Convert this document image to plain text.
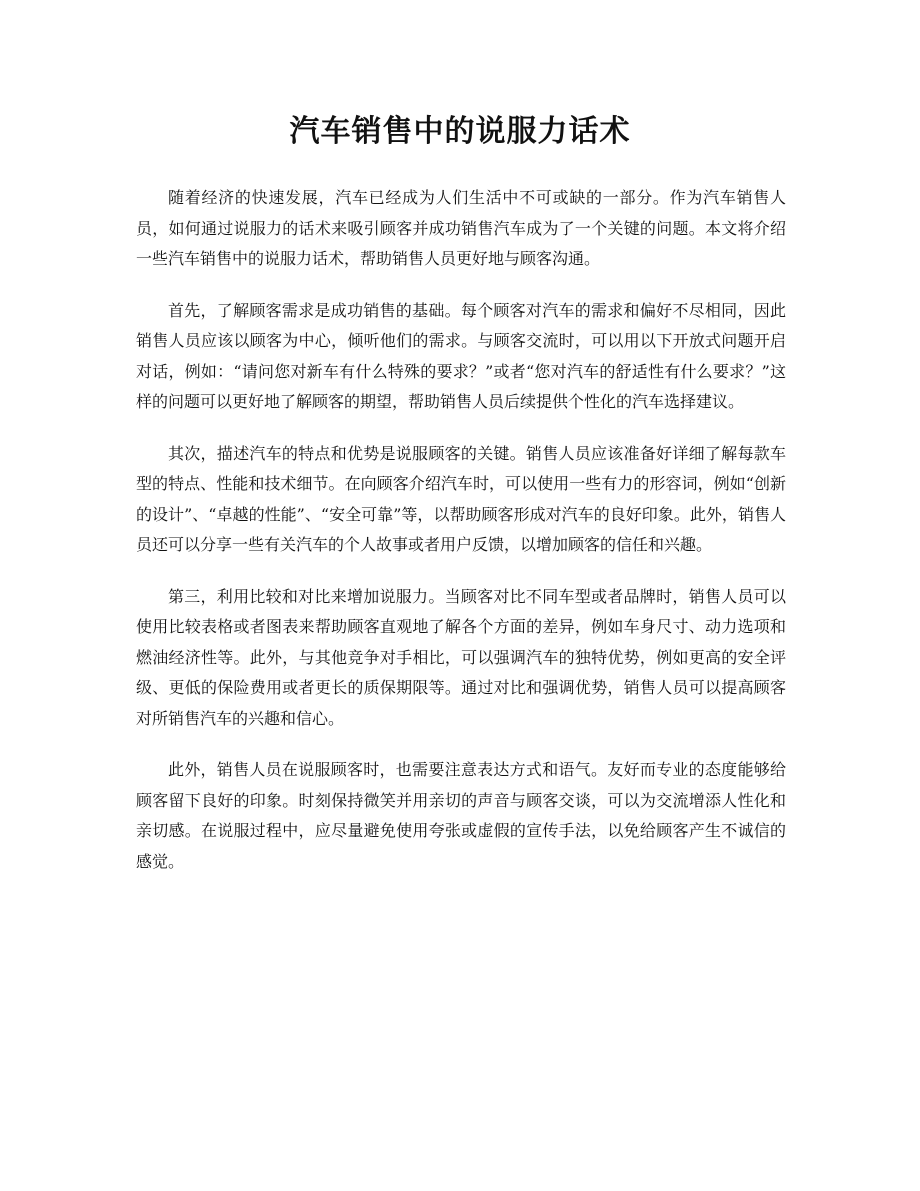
汽车销售中的说服力话术

随着经济的快速发展，汽车已经成为人们生活中不可或缺的一部分。作为汽车销售人员，如何通过说服力的话术来吸引顾客并成功销售汽车成为了一个关键的问题。本文将介绍一些汽车销售中的说服力话术，帮助销售人员更好地与顾客沟通。

首先，了解顾客需求是成功销售的基础。每个顾客对汽车的需求和偏好不尽相同，因此销售人员应该以顾客为中心，倾听他们的需求。与顾客交流时，可以用以下开放式问题开启对话，例如：“请问您对新车有什么特殊的要求？”或者“您对汽车的舒适性有什么要求？”这样的问题可以更好地了解顾客的期望，帮助销售人员后续提供个性化的汽车选择建议。

其次，描述汽车的特点和优势是说服顾客的关键。销售人员应该准备好详细了解每款车型的特点、性能和技术细节。在向顾客介绍汽车时，可以使用一些有力的形容词，例如“创新的设计”、“卓越的性能”、“安全可靠”等，以帮助顾客形成对汽车的良好印象。此外，销售人员还可以分享一些有关汽车的个人故事或者用户反馈，以增加顾客的信任和兴趣。

第三，利用比较和对比来增加说服力。当顾客对比不同车型或者品牌时，销售人员可以使用比较表格或者图表来帮助顾客直观地了解各个方面的差异，例如车身尺寸、动力选项和燃油经济性等。此外，与其他竞争对手相比，可以强调汽车的独特优势，例如更高的安全评级、更低的保险费用或者更长的质保期限等。通过对比和强调优势，销售人员可以提高顾客对所销售汽车的兴趣和信心。

此外，销售人员在说服顾客时，也需要注意表达方式和语气。友好而专业的态度能够给顾客留下良好的印象。时刻保持微笑并用亲切的声音与顾客交谈，可以为交流增添人性化和亲切感。在说服过程中，应尽量避免使用夸张或虚假的宣传手法，以免给顾客产生不诚信的感觉。
